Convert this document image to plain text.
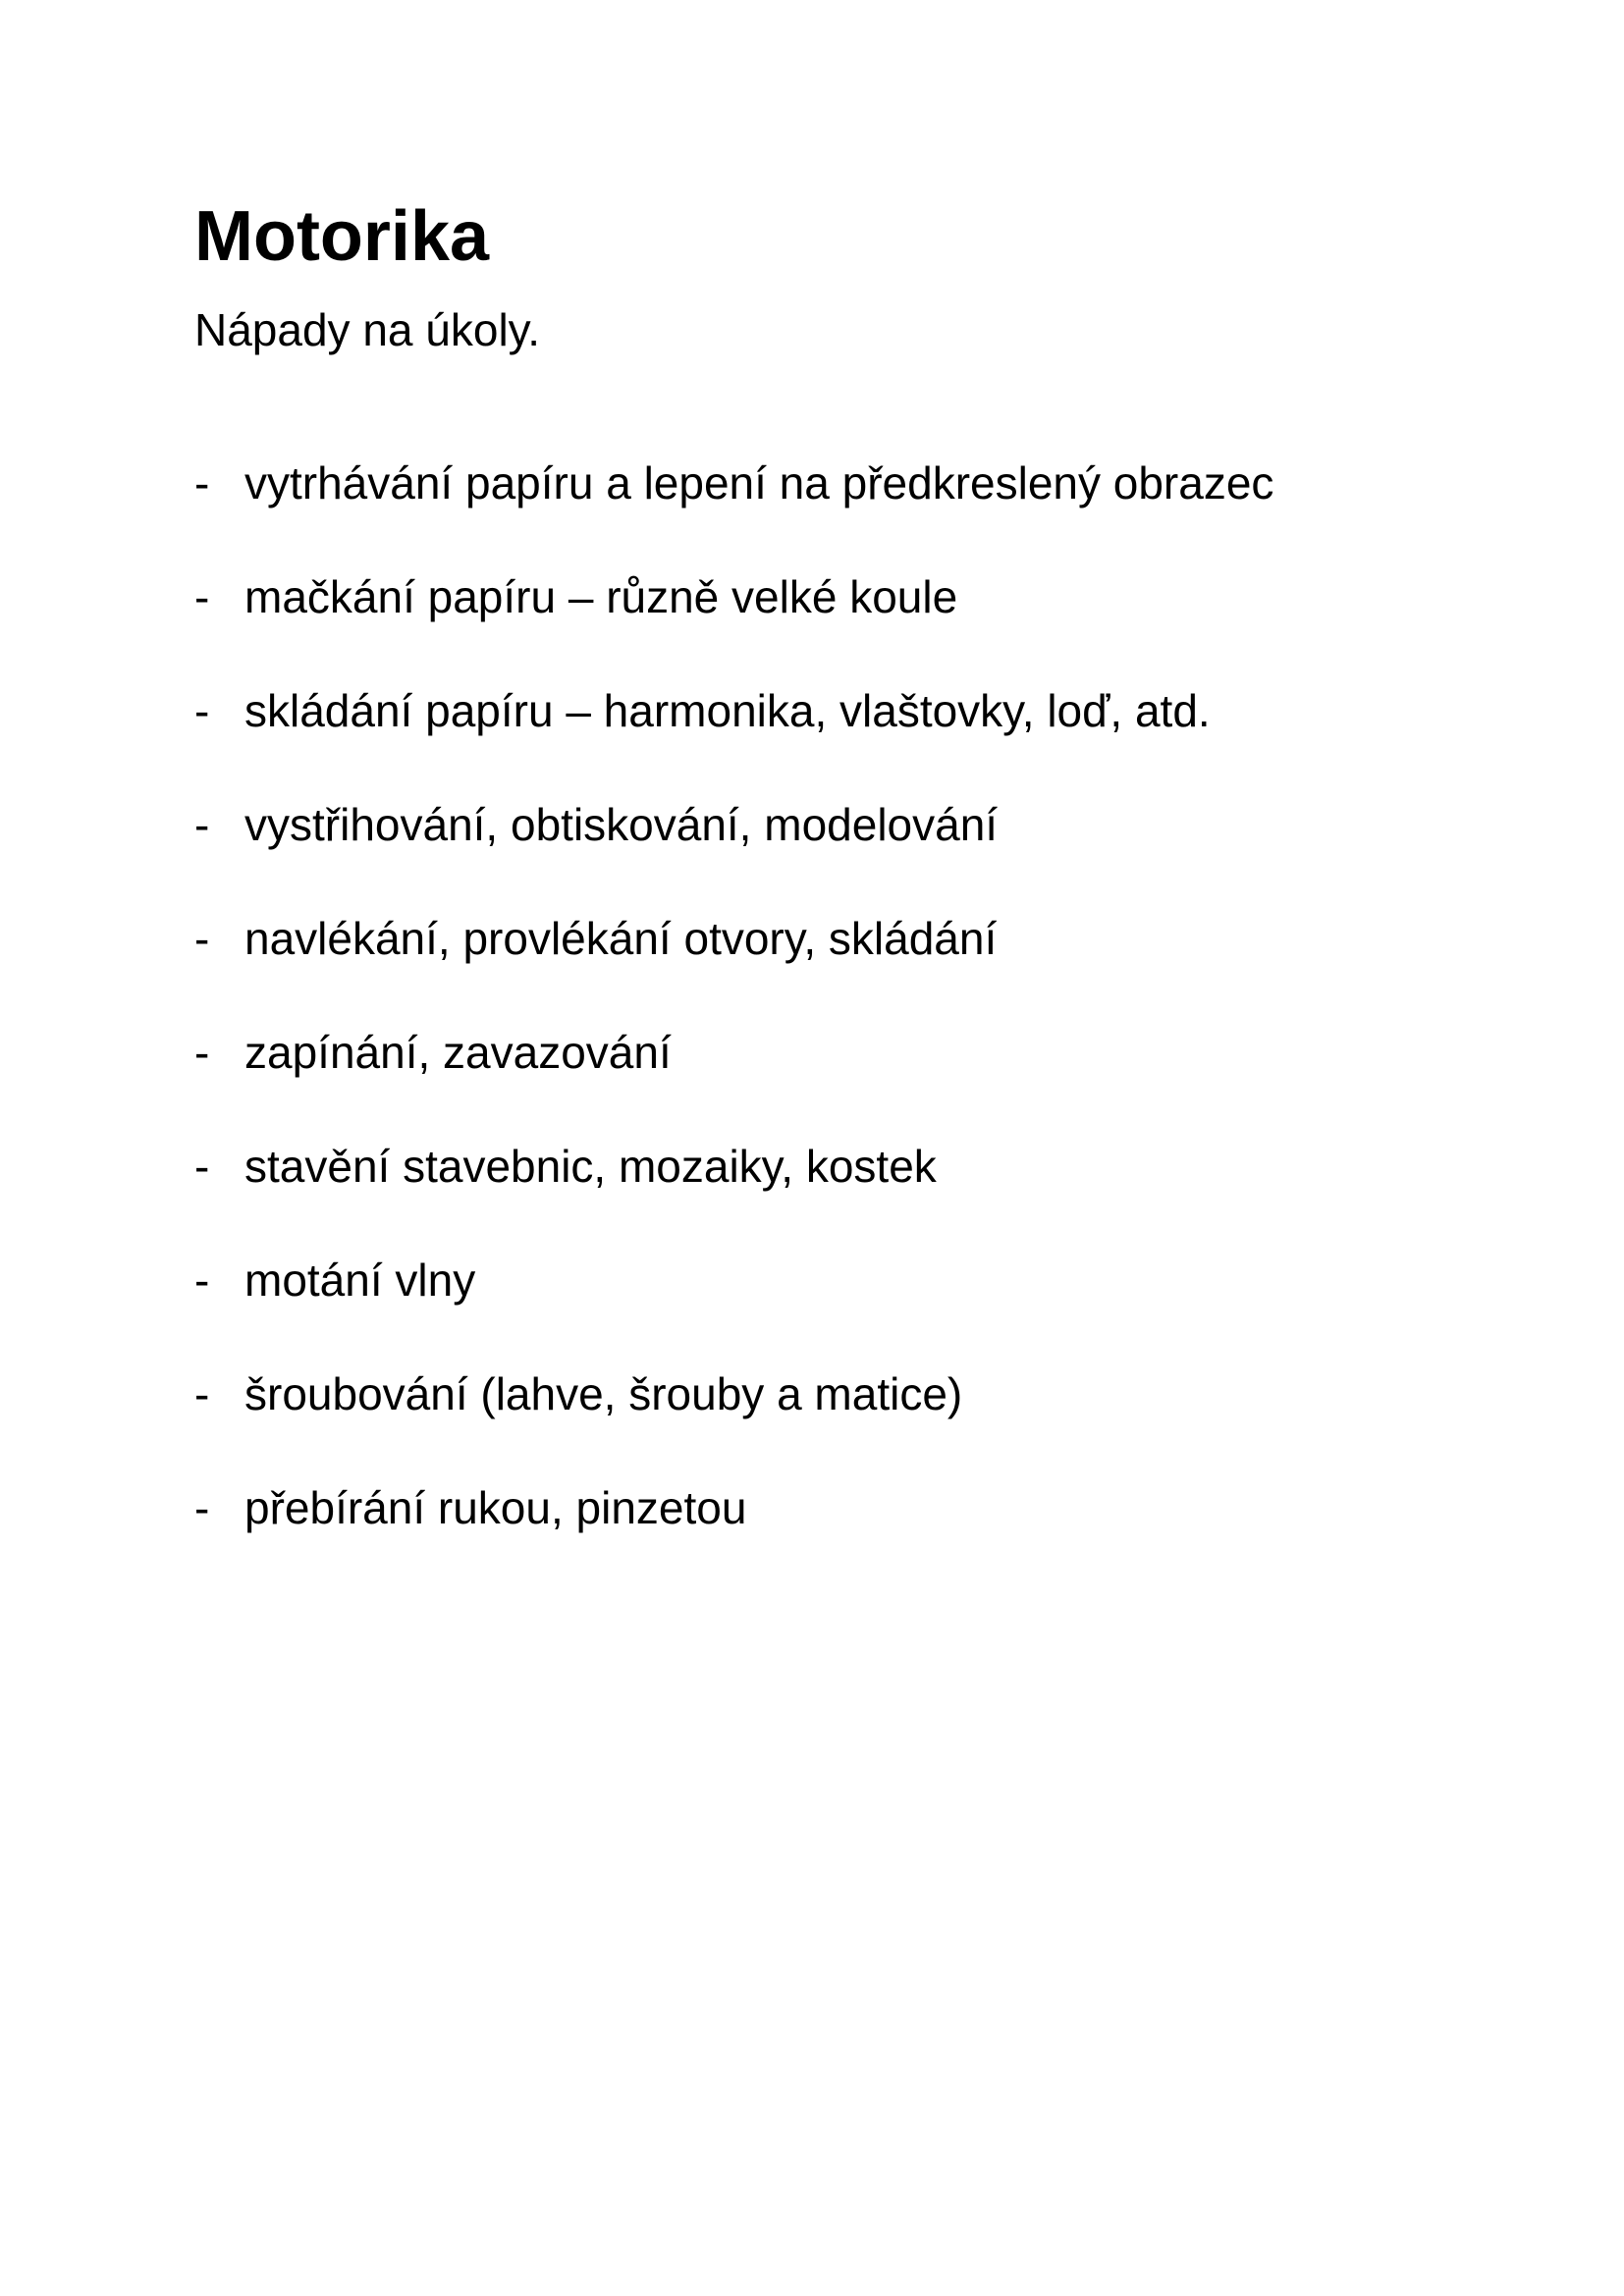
Motorika

Nápady na úkoly.

- vytrhávání papíru a lepení na předkreslený obrazec
- mačkání papíru – různě velké koule
- skládání papíru – harmonika, vlaštovky, loď, atd.
- vystřihování, obtiskování, modelování
- navlékání, provlékání otvory, skládání
- zapínání, zavazování
- stavění stavebnic, mozaiky, kostek
- motání vlny
- šroubování (lahve, šrouby a matice)
- přebírání rukou, pinzetou
